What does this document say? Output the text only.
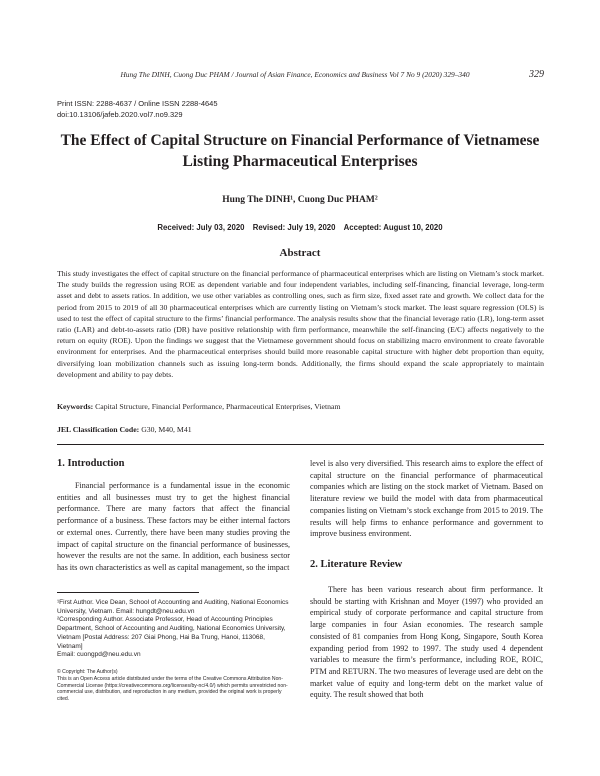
Hung The DINH, Cuong Duc PHAM / Journal of Asian Finance, Economics and Business Vol 7 No 9 (2020) 329–340	329
Print ISSN: 2288-4637 / Online ISSN 2288-4645
doi:10.13106/jafeb.2020.vol7.no9.329
The Effect of Capital Structure on Financial Performance of Vietnamese
Listing Pharmaceutical Enterprises
Hung The DINH¹, Cuong Duc PHAM²
Received: July 03, 2020 Revised: July 19, 2020 Accepted: August 10, 2020
Abstract
This study investigates the effect of capital structure on the financial performance of pharmaceutical enterprises which are listing on Vietnam’s stock market. The study builds the regression using ROE as dependent variable and four independent variables, including self-financing, financial leverage, long-term asset and debt to assets ratios. In addition, we use other variables as controlling ones, such as firm size, fixed asset rate and growth. We collect data for the period from 2015 to 2019 of all 30 pharmaceutical enterprises which are currently listing on Vietnam’s stock market. The least square regression (OLS) is used to test the effect of capital structure to the firms’ financial performance. The analysis results show that the financial leverage ratio (LR), long-term asset ratio (LAR) and debt-to-assets ratio (DR) have positive relationship with firm performance, meanwhile the self-financing (E/C) affects negatively to the return on equity (ROE). Upon the findings we suggest that the Vietnamese government should focus on stabilizing macro environment to create favorable environment for enterprises. And the pharmaceutical enterprises should build more reasonable capital structure with higher debt proportion than equity, diversifying loan mobilization channels such as issuing long-term bonds. Additionally, the firms should expand the scale appropriately to maintain development and ability to pay debts.
Keywords: Capital Structure, Financial Performance, Pharmaceutical Enterprises, Vietnam
JEL Classification Code: G30, M40, M41
1. Introduction
Financial performance is a fundamental issue in the economic entities and all businesses must try to get the highest financial performance. There are many factors that affect the financial performance of a business. These factors may be either internal factors or external ones. Currently, there have been many studies proving the impact of capital structure on the financial performance of businesses, however the results are not the same. In addition, each business sector has its own characteristics as well as capital management, so the impact
level is also very diversified. This research aims to explore the effect of capital structure on the financial performance of pharmaceutical companies which are listing on the stock market of Vietnam. Based on literature review we build the model with data from pharmaceutical companies listing on Vietnam’s stock exchange from 2015 to 2019. The results will help firms to enhance performance and government to improve business environment.
2. Literature Review
There has been various research about firm performance. It should be starting with Krishnan and Moyer (1997) who provided an empirical study of corporate performance and capital structure from large companies in four Asian economies. The research sample consisted of 81 companies from Hong Kong, Singapore, South Korea expanding period from 1992 to 1997. The study used 4 dependent variables to measure the firm’s performance, including ROE, ROIC, PTM and RETURN. The two measures of leverage used are debt on the market value of equity and long-term debt on the market value of equity. The result showed that both

¹First Author. Vice Dean, School of Accounting and Auditing, National Economics University, Vietnam. Email: hungdt@neu.edu.vn

²Corresponding Author. Associate Professor, Head of Accounting Principles Department, School of Accounting and Auditing, National Economics University, Vietnam [Postal Address: 207 Giai Phong, Hai Ba Trung, Hanoi, 113068, Vietnam]

Email: cuongpd@neu.edu.vn

© Copyright: The Author(s)

This is an Open Access article distributed under the terms of the Creative Commons Attribution Non-Commercial License (https://creativecommons.org/licenses/by-nc/4.0/) which permits unrestricted non-commercial use, distribution, and reproduction in any medium, provided the original work is properly cited.
